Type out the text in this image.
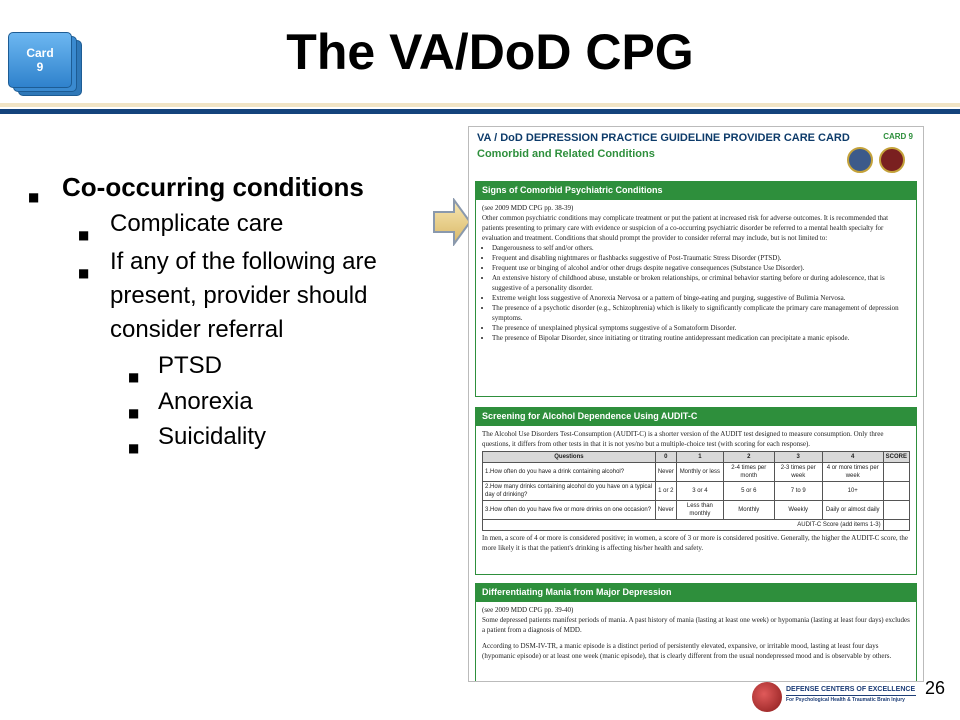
Card
9	The VA/DoD CPG
■ Co-occurring conditions
■ Complicate care
■ If any of the following are
present, provider should
consider referral
■ PTSD
■ Anorexia
■ Suicidality
VA / DoD DEPRESSION PRACTICE GUIDELINE PROVIDER CARE CARD
Comorbid and Related Conditions
CARD 9
Signs of Comorbid Psychiatric Conditions

(see 2009 MDD CPG pp. 38-39)

Other common psychiatric conditions may complicate treatment or put the patient at increased risk for adverse outcomes. It is recommended that patients presenting to primary care with evidence or suspicion of a co-occurring psychiatric disorder be referred to a mental health specialty for evaluation and treatment. Conditions that should prompt the provider to consider referral may include, but is not limited to:

• Dangerousness to self and/or others.
• Frequent and disabling nightmares or flashbacks suggestive of Post-Traumatic Stress Disorder (PTSD).
• Frequent use or binging of alcohol and/or other drugs despite negative consequences (Substance Use Disorder).
• An extensive history of childhood abuse, unstable or broken relationships, or criminal behavior starting before or during adolescence, that is suggestive of a personality disorder.
• Extreme weight loss suggestive of Anorexia Nervosa or a pattern of binge-eating and purging, suggestive of Bulimia Nervosa.
• The presence of a psychotic disorder (e.g., Schizophrenia) which is likely to significantly complicate the primary care management of depression symptoms.
• The presence of unexplained physical symptoms suggestive of a Somatoform Disorder.
• The presence of Bipolar Disorder, since initiating or titrating routine antidepressant medication can precipitate a manic episode.
Screening for Alcohol Dependence Using AUDIT-C

The Alcohol Use Disorders Test-Consumption (AUDIT-C) is a shorter version of the AUDIT test designed to measure consumption. Only three questions, it differs from other tests in that it is not yes/no but a multiple-choice test (with scoring for each response).

Questions	0	1	2	3	4	SCORE
1.How often do you have a drink containing alcohol?	Never	Monthly or less	2-4 times per month	2-3 times per week	4 or more times per week	
2.How many drinks containing alcohol do you have on a typical day of drinking?	1 or 2	3 or 4	5 or 6	7 to 9	10+	
3.How often do you have five or more drinks on one occasion?	Never	Less than monthly	Monthly	Weekly	Daily or almost daily	
AUDIT-C Score (add items 1-3)						

In men, a score of 4 or more is considered positive; in women, a score of 3 or more is considered positive. Generally, the higher the AUDIT-C score, the more likely it is that the patient's drinking is affecting his/her health and safety.

Differentiating Mania from Major Depression

(see 2009 MDD CPG pp. 39-40)

Some depressed patients manifest periods of mania. A past history of mania (lasting at least one week) or hypomania (lasting at least four days) excludes a patient from a diagnosis of MDD.

According to DSM-IV-TR, a manic episode is a distinct period of persistently elevated, expansive, or irritable mood, lasting at least four days (hypomanic episode) or at least one week (manic episode), that is clearly different from the usual nondepressed mood and is observable by others.

DEFENSE CENTERS OF EXCELLENCE
For Psychological Health & Traumatic Brain Injury
26
